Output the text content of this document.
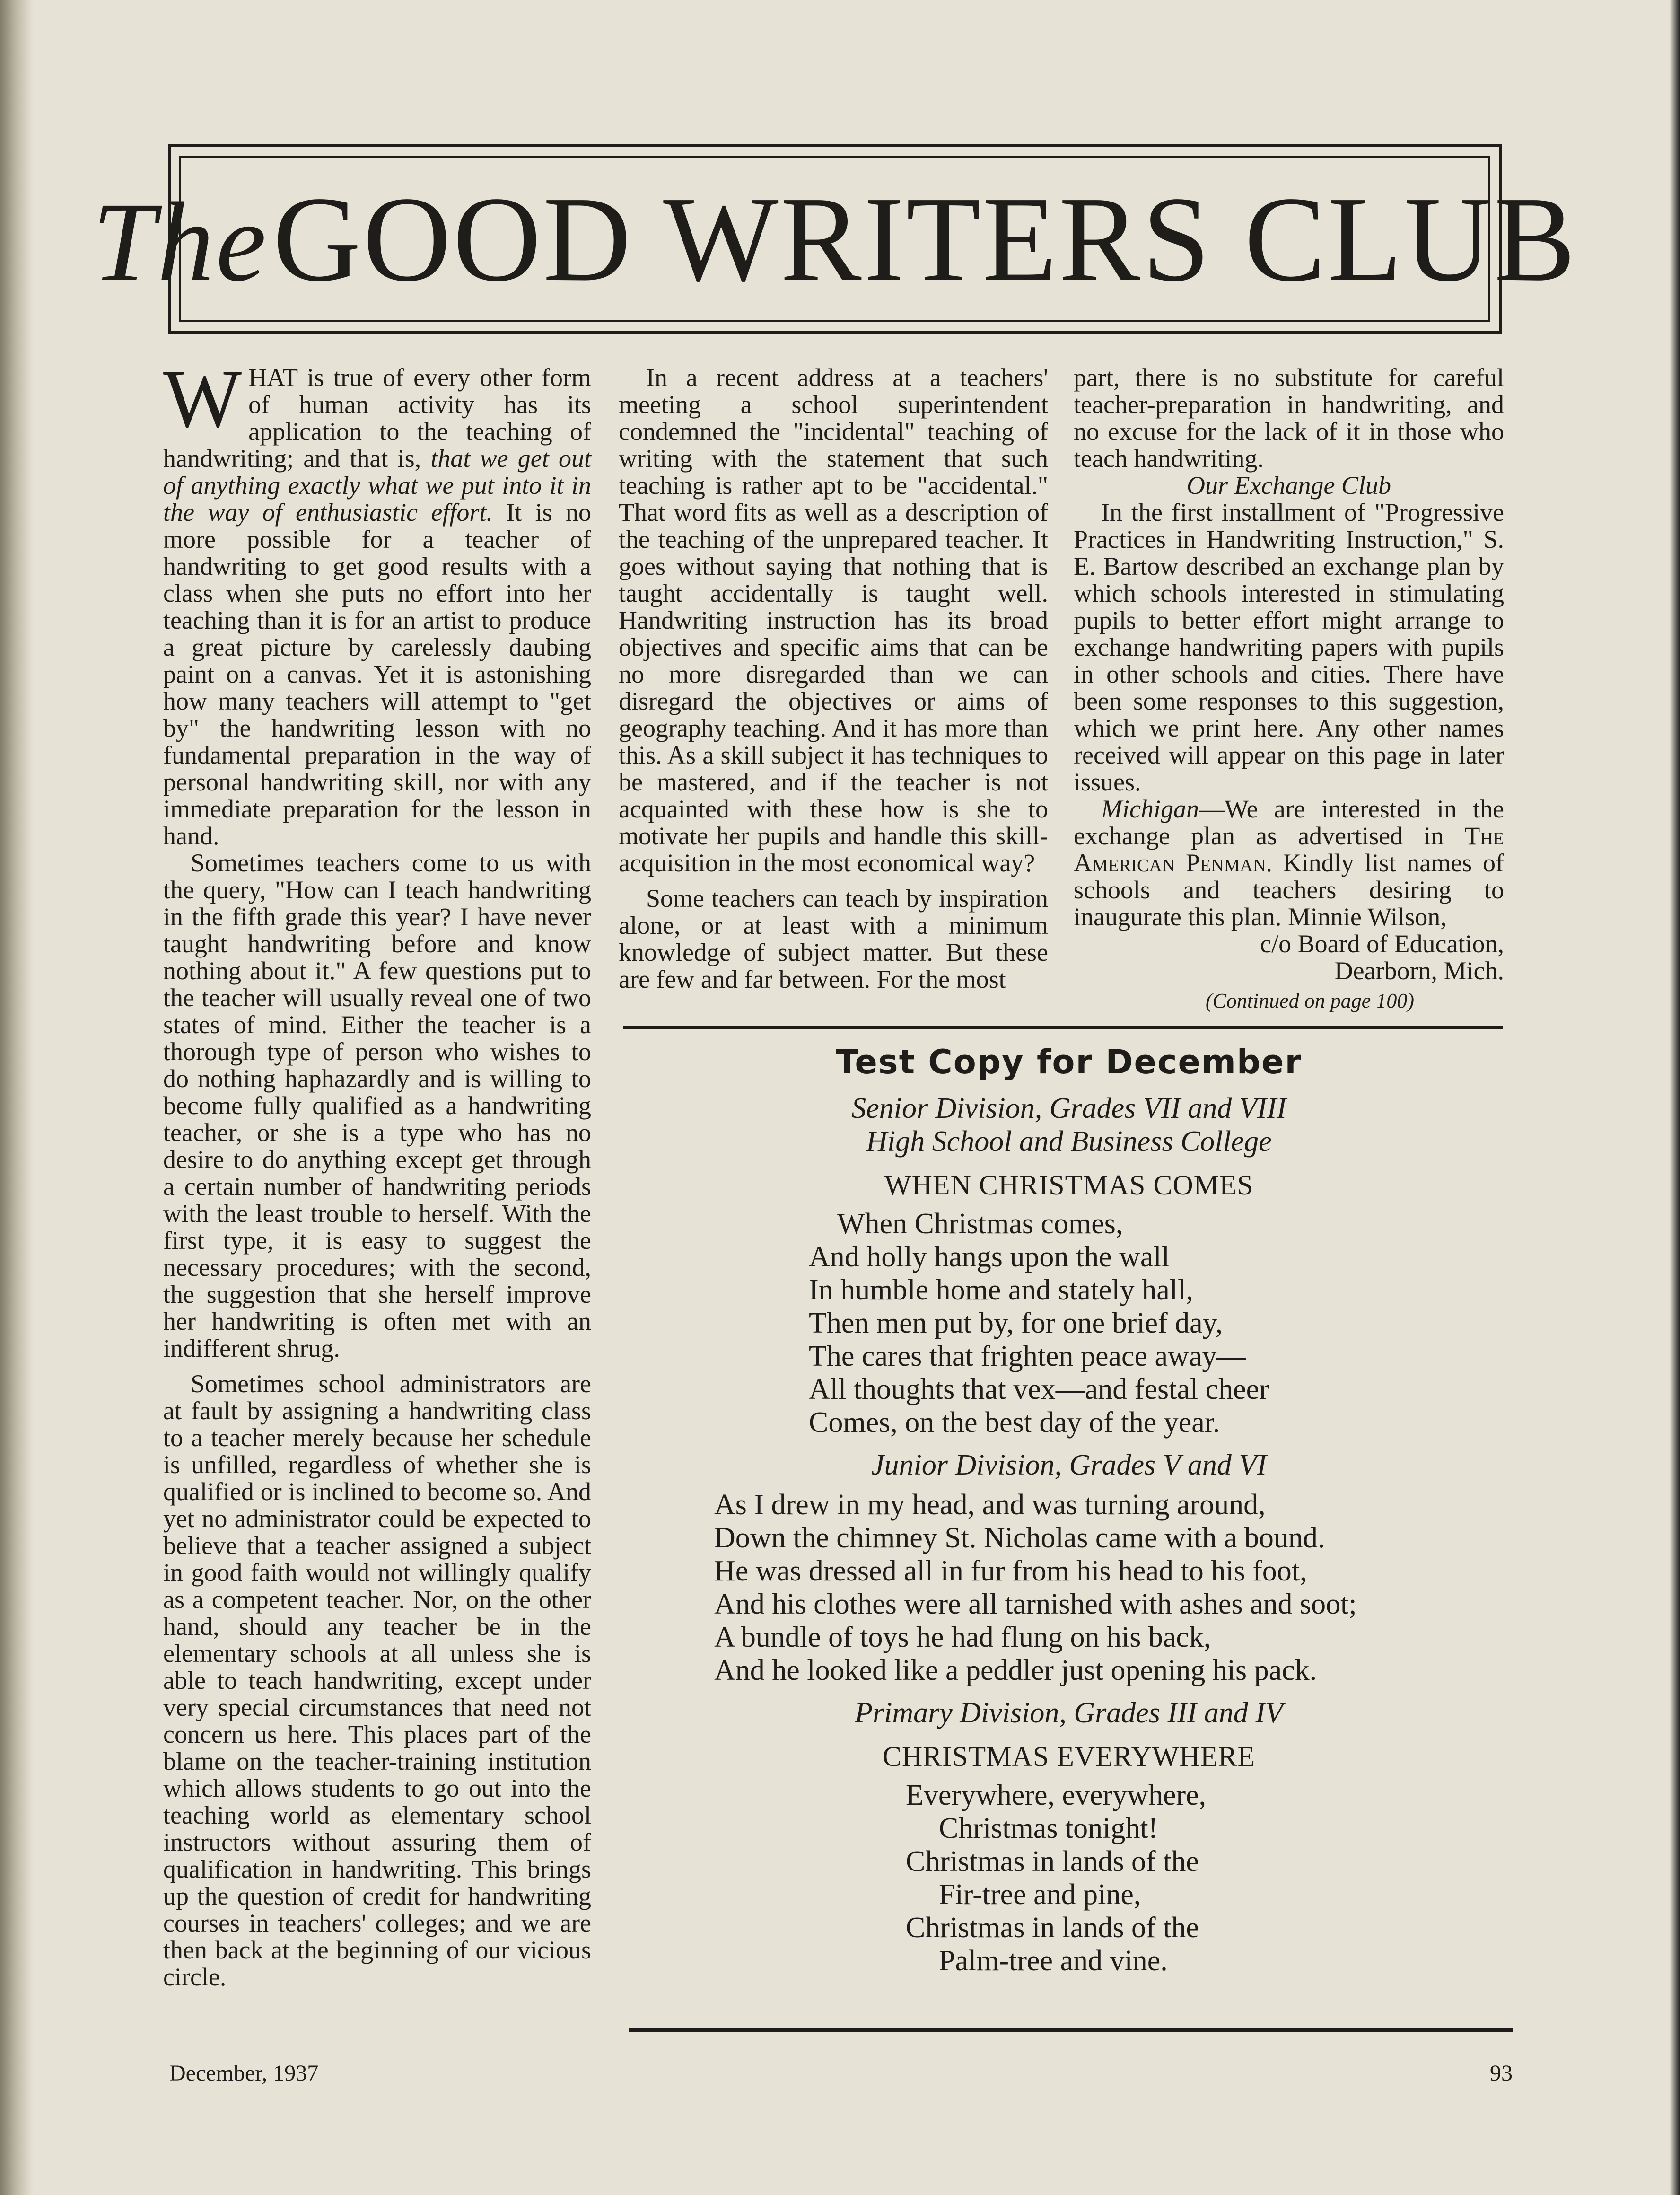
TheGOOD WRITERS CLUB

WHAT is true of every other form of human activity has its application to the teaching of handwriting; and that is, that we get out of anything exactly what we put into it in the way of enthusiastic effort. It is no more possible for a teacher of handwriting to get good results with a class when she puts no effort into her teaching than it is for an artist to produce a great picture by carelessly daubing paint on a canvas. Yet it is astonishing how many teachers will attempt to "get by" the handwriting lesson with no fundamental preparation in the way of personal handwriting skill, nor with any immediate preparation for the lesson in hand.

Sometimes teachers come to us with the query, "How can I teach handwriting in the fifth grade this year? I have never taught handwriting before and know nothing about it." A few questions put to the teacher will usually reveal one of two states of mind. Either the teacher is a thorough type of person who wishes to do nothing haphazardly and is willing to become fully qualified as a handwriting teacher, or she is a type who has no desire to do anything except get through a certain number of handwriting periods with the least trouble to herself. With the first type, it is easy to suggest the necessary procedures; with the second, the suggestion that she herself improve her handwriting is often met with an indifferent shrug.

Sometimes school administrators are at fault by assigning a handwriting class to a teacher merely because her schedule is unfilled, regardless of whether she is qualified or is inclined to become so. And yet no administrator could be expected to believe that a teacher assigned a subject in good faith would not willingly qualify as a competent teacher. Nor, on the other hand, should any teacher be in the elementary schools at all unless she is able to teach handwriting, except under very special circumstances that need not concern us here. This places part of the blame on the teacher-training institution which allows students to go out into the teaching world as elementary school instructors without assuring them of qualification in handwriting. This brings up the question of credit for handwriting courses in teachers' colleges; and we are then back at the beginning of our vicious circle.

In a recent address at a teachers' meeting a school superintendent condemned the "incidental" teaching of writing with the statement that such teaching is rather apt to be "accidental." That word fits as well as a description of the teaching of the unprepared teacher. It goes without saying that nothing that is taught accidentally is taught well. Handwriting instruction has its broad objectives and specific aims that can be no more disregarded than we can disregard the objectives or aims of geography teaching. And it has more than this. As a skill subject it has techniques to be mastered, and if the teacher is not acquainted with these how is she to motivate her pupils and handle this skill-acquisition in the most economical way?

Some teachers can teach by inspiration alone, or at least with a minimum knowledge of subject matter. But these are few and far between. For the most

part, there is no substitute for careful teacher-preparation in handwriting, and no excuse for the lack of it in those who teach handwriting.

Our Exchange Club

In the first installment of "Progressive Practices in Handwriting Instruction," S. E. Bartow described an exchange plan by which schools interested in stimulating pupils to better effort might arrange to exchange handwriting papers with pupils in other schools and cities. There have been some responses to this suggestion, which we print here. Any other names received will appear on this page in later issues.

Michigan—We are interested in the exchange plan as advertised in The American Penman. Kindly list names of schools and teachers desiring to inaugurate this plan. Minnie Wilson,

c/o Board of Education,

Dearborn, Mich.

(Continued on page 100)

Test Copy for December
Senior Division, Grades VII and VIII
High School and Business College
WHEN CHRISTMAS COMES
When Christmas comes,
And holly hangs upon the wall
In humble home and stately hall,
Then men put by, for one brief day,
The cares that frighten peace away—
All thoughts that vex—and festal cheer
Comes, on the best day of the year.
Junior Division, Grades V and VI
As I drew in my head, and was turning around,
Down the chimney St. Nicholas came with a bound.
He was dressed all in fur from his head to his foot,
And his clothes were all tarnished with ashes and soot;
A bundle of toys he had flung on his back,
And he looked like a peddler just opening his pack.
Primary Division, Grades III and IV
CHRISTMAS EVERYWHERE
Everywhere, everywhere,
Christmas tonight!
Christmas in lands of the
Fir-tree and pine,
Christmas in lands of the
Palm-tree and vine.
December, 1937	93
